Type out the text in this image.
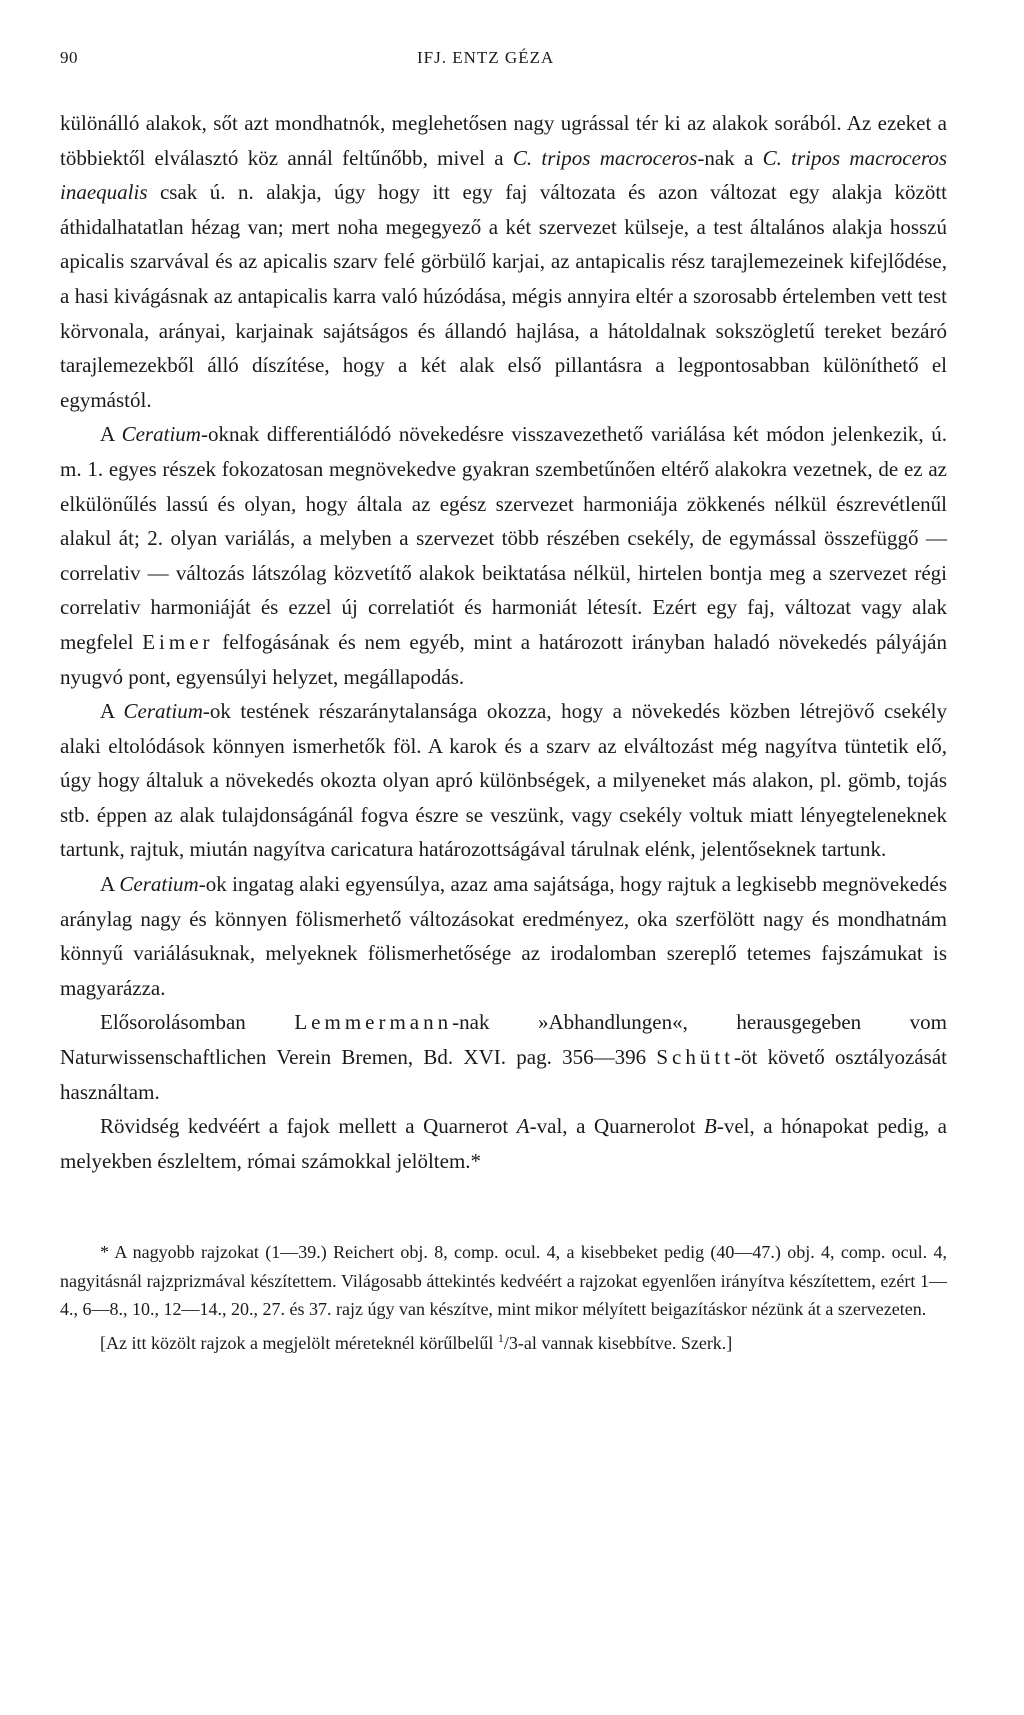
90	IFJ. ENTZ GÉZA

különálló alakok, sőt azt mondhatnók, meglehetősen nagy ugrással tér ki az alakok sorából. Az ezeket a többiektől elválasztó köz annál feltűnőbb, mivel a C. tripos macroceros-nak a C. tripos macroceros inaequalis csak ú. n. alakja, úgy hogy itt egy faj változata és azon változat egy alakja között áthidalhatatlan hézag van; mert noha megegyező a két szervezet külseje, a test általános alakja hosszú apicalis szarvával és az apicalis szarv felé görbülő karjai, az antapicalis rész tarajlemezeinek kifejlődése, a hasi kivágásnak az antapicalis karra való húzódása, mégis annyira eltér a szorosabb értelemben vett test körvonala, arányai, karjainak sajátságos és állandó hajlása, a hátoldalnak sokszögletű tereket bezáró tarajlemezekből álló díszítése, hogy a két alak első pillantásra a legpontosabban különíthető el egymástól.

A Ceratium-oknak differentiálódó növekedésre visszavezethető variálása két módon jelenkezik, ú. m. 1. egyes részek fokozatosan megnövekedve gyakran szembetűnően eltérő alakokra vezetnek, de ez az elkülönűlés lassú és olyan, hogy általa az egész szervezet harmoniája zökkenés nélkül észrevétlenűl alakul át; 2. olyan variálás, a melyben a szervezet több részében csekély, de egymással összefüggő — correlativ — változás látszólag közvetítő alakok beiktatása nélkül, hirtelen bontja meg a szervezet régi correlativ harmoniáját és ezzel új correlatiót és harmoniát létesít. Ezért egy faj, változat vagy alak megfelel Eimer felfogásának és nem egyéb, mint a határozott irányban haladó növekedés pályáján nyugvó pont, egyensúlyi helyzet, megállapodás.

A Ceratium-ok testének részaránytalansága okozza, hogy a növekedés közben létrejövő csekély alaki eltolódások könnyen ismerhetők föl. A karok és a szarv az elváltozást még nagyítva tüntetik elő, úgy hogy általuk a növekedés okozta olyan apró különbségek, a milyeneket más alakon, pl. gömb, tojás stb. éppen az alak tulajdonságánál fogva észre se veszünk, vagy csekély voltuk miatt lényegteleneknek tartunk, rajtuk, miután nagyítva caricatura határozottságával tárulnak elénk, jelentőseknek tartunk.

A Ceratium-ok ingatag alaki egyensúlya, azaz ama sajátsága, hogy rajtuk a legkisebb megnövekedés aránylag nagy és könnyen fölismerhető változásokat eredményez, oka szerfölött nagy és mondhatnám könnyű variálásuknak, melyeknek fölismerhetősége az irodalomban szereplő tetemes fajszámukat is magyarázza.

Elősorolásomban Lemmermann-nak »Abhandlungen«, herausgegeben vom Naturwissenschaftlichen Verein Bremen, Bd. XVI. pag. 356—396 Schütt-öt követő osztályozását használtam.

Rövidség kedvéért a fajok mellett a Quarnerot A-val, a Quarnerolot B-vel, a hónapokat pedig, a melyekben észleltem, római számokkal jelöltem.*

* A nagyobb rajzokat (1—39.) Reichert obj. 8, comp. ocul. 4, a kisebbeket pedig (40—47.) obj. 4, comp. ocul. 4, nagyitásnál rajzprizmával készítettem. Világosabb áttekintés kedvéért a rajzokat egyenlően irányítva készítettem, ezért 1—4., 6—8., 10., 12—14., 20., 27. és 37. rajz úgy van készítve, mint mikor mélyített beigazításkor nézünk át a szervezeten.

[Az itt közölt rajzok a megjelölt méreteknél körűlbelűl $^1$/3-al vannak kisebbítve. Szerk.]
